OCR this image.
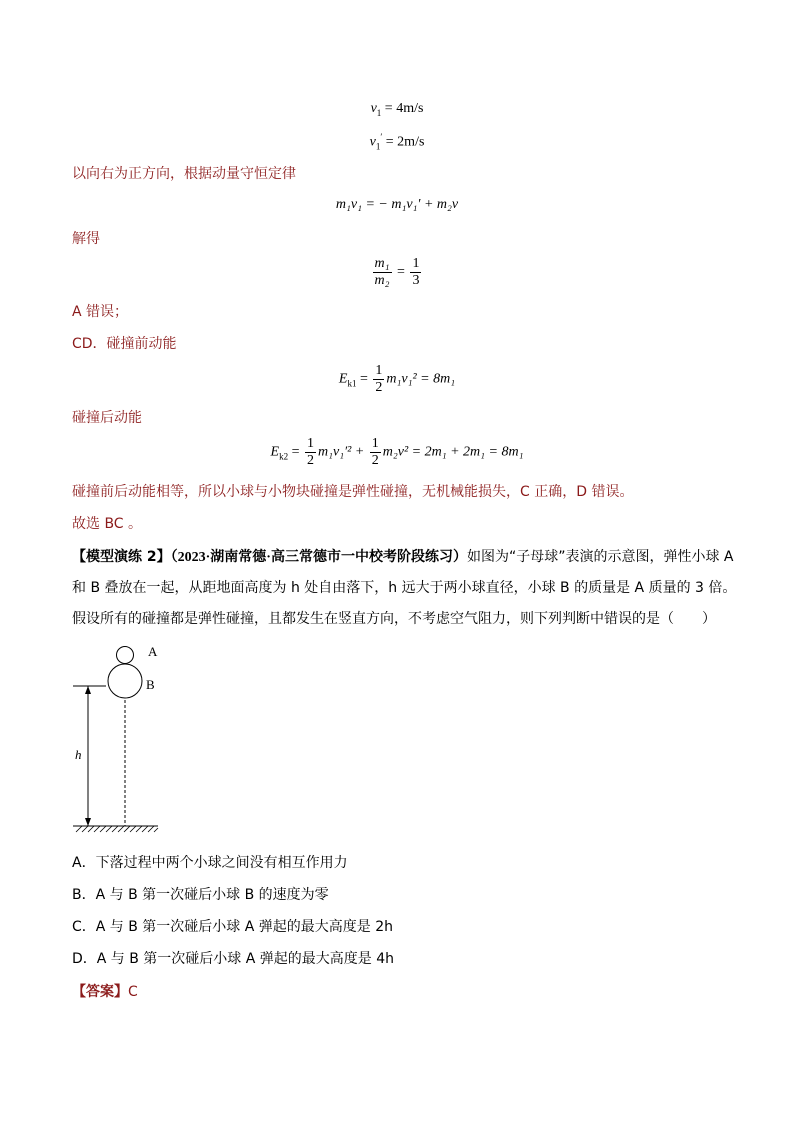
$v_1 = 4m/s$
$v_1' = 2m/s$
以向右为正方向，根据动量守恒定律
m₁v₁ = − m₁v₁′ + m₂v
解得
$\frac{\text{m₁}}{\text{m₂}} = \frac{1}{3}$
A 错误；
CD．碰撞前动能
$E_{k1} = \frac{1}{2} m_1v_1^2 = 8m_1$
碰撞后动能
$E_{k2} = \frac{1}{2} m_1v_1'^2 + \frac{1}{2} m_2v^2 = 2m_1 + 2m_1 = 8m_1$
碰撞前后动能相等，所以小球与小物块碰撞是弹性碰撞，无机械能损失，C 正确，D 错误。
故选 BC 。
【模型演练 2】（2023·湖南常德·高三常德市一中校考阶段练习）如图为“子母球”表演的示意图，弹性小球 A
和 B 叠放在一起，从距地面高度为 h 处自由落下，h 远大于两小球直径，小球 B 的质量是 A 质量的 3 倍。
假设所有的碰撞都是弹性碰撞，且都发生在竖直方向，不考虑空气阻力，则下列判断中错误的是（　　）
A
B
h
A．下落过程中两个小球之间没有相互作用力
B．A 与 B 第一次碰后小球 B 的速度为零
C．A 与 B 第一次碰后小球 A 弹起的最大高度是 2h
D．A 与 B 第一次碰后小球 A 弹起的最大高度是 4h
【答案】C
